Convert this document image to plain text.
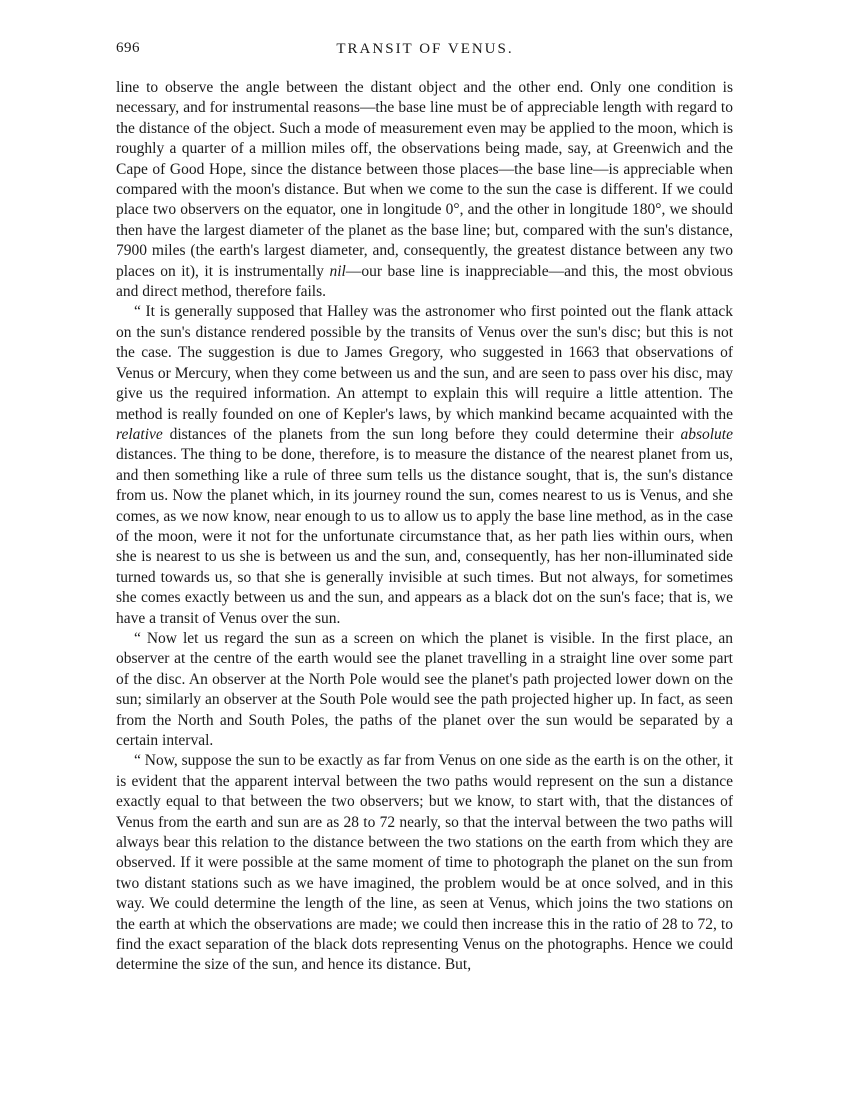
696	TRANSIT OF VENUS.

line to observe the angle between the distant object and the other end. Only one condition is necessary, and for instrumental reasons—the base line must be of appreciable length with regard to the distance of the object. Such a mode of measurement even may be applied to the moon, which is roughly a quarter of a million miles off, the observations being made, say, at Greenwich and the Cape of Good Hope, since the distance between those places—the base line—is appreciable when compared with the moon's distance. But when we come to the sun the case is different. If we could place two observers on the equator, one in longitude 0°, and the other in longitude 180°, we should then have the largest diameter of the planet as the base line; but, compared with the sun's distance, 7900 miles (the earth's largest diameter, and, consequently, the greatest distance between any two places on it), it is instrumentally nil—our base line is inappreciable—and this, the most obvious and direct method, therefore fails.

“ It is generally supposed that Halley was the astronomer who first pointed out the flank attack on the sun's distance rendered possible by the transits of Venus over the sun's disc; but this is not the case. The suggestion is due to James Gregory, who suggested in 1663 that observations of Venus or Mercury, when they come between us and the sun, and are seen to pass over his disc, may give us the required information. An attempt to explain this will require a little attention. The method is really founded on one of Kepler's laws, by which mankind became acquainted with the relative distances of the planets from the sun long before they could determine their absolute distances. The thing to be done, therefore, is to measure the distance of the nearest planet from us, and then something like a rule of three sum tells us the distance sought, that is, the sun's distance from us. Now the planet which, in its journey round the sun, comes nearest to us is Venus, and she comes, as we now know, near enough to us to allow us to apply the base line method, as in the case of the moon, were it not for the unfortunate circumstance that, as her path lies within ours, when she is nearest to us she is between us and the sun, and, consequently, has her non-illuminated side turned towards us, so that she is generally invisible at such times. But not always, for sometimes she comes exactly between us and the sun, and appears as a black dot on the sun's face; that is, we have a transit of Venus over the sun.

“ Now let us regard the sun as a screen on which the planet is visible. In the first place, an observer at the centre of the earth would see the planet travelling in a straight line over some part of the disc. An observer at the North Pole would see the planet's path projected lower down on the sun; similarly an observer at the South Pole would see the path projected higher up. In fact, as seen from the North and South Poles, the paths of the planet over the sun would be separated by a certain interval.

“ Now, suppose the sun to be exactly as far from Venus on one side as the earth is on the other, it is evident that the apparent interval between the two paths would represent on the sun a distance exactly equal to that between the two observers; but we know, to start with, that the distances of Venus from the earth and sun are as 28 to 72 nearly, so that the interval between the two paths will always bear this relation to the distance between the two stations on the earth from which they are observed. If it were possible at the same moment of time to photograph the planet on the sun from two distant stations such as we have imagined, the problem would be at once solved, and in this way. We could determine the length of the line, as seen at Venus, which joins the two stations on the earth at which the observations are made; we could then increase this in the ratio of 28 to 72, to find the exact separation of the black dots representing Venus on the photographs. Hence we could determine the size of the sun, and hence its distance. But,
